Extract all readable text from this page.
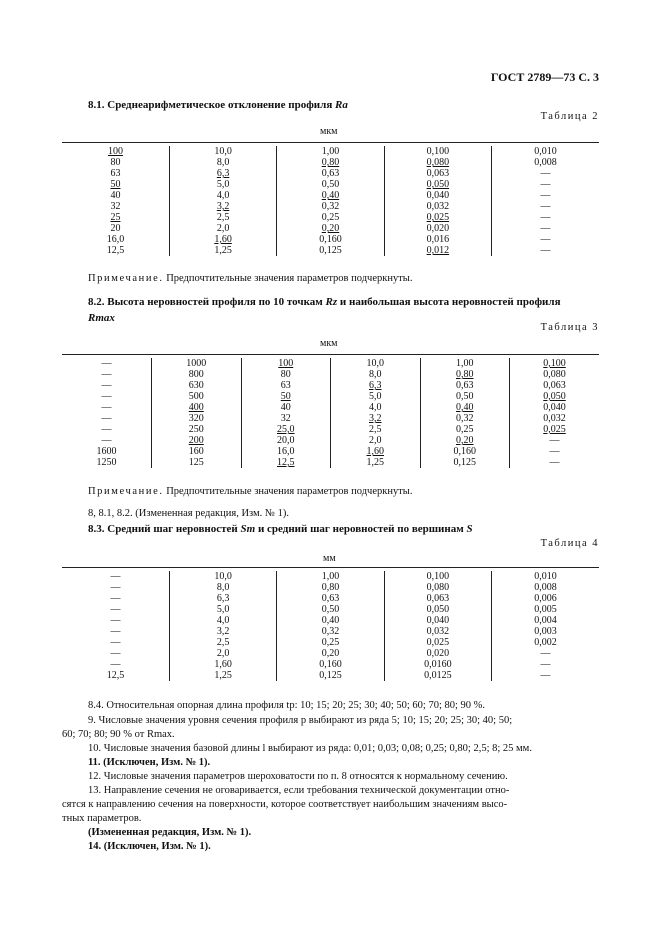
ГОСТ 2789—73 С. 3
8.1. Среднеарифметическое отклонение профиля Ra
Таблица 2
мкм
100	10,0	1,00	0,100	0,010
80	8,0	0,80	0,080	0,008
63	6,3	0,63	0,063	—
50	5,0	0,50	0,050	—
40	4,0	0,40	0,040	—
32	3,2	0,32	0,032	—
25	2,5	0,25	0,025	—
20	2,0	0,20	0,020	—
16,0	1,60	0,160	0,016	—
12,5	1,25	0,125	0,012	—
Примечание. Предпочтительные значения параметров подчеркнуты.
8.2. Высота неровностей профиля по 10 точкам Rz и наибольшая высота неровностей профиля
Rmax
Таблица 3
мкм
—	1000	100	10,0	1,00	0,100
—	800	80	8,0	0,80	0,080
—	630	63	6,3	0,63	0,063
—	500	50	5,0	0,50	0,050
—	400	40	4,0	0,40	0,040
—	320	32	3,2	0,32	0,032
—	250	25,0	2,5	0,25	0,025
—	200	20,0	2,0	0,20	—
1600	160	16,0	1,60	0,160	—
1250	125	12,5	1,25	0,125	—
Примечание. Предпочтительные значения параметров подчеркнуты.
8, 8.1, 8.2. (Измененная редакция, Изм. № 1).
8.3. Средний шаг неровностей Sm и средний шаг неровностей по вершинам S
Таблица 4
мм
—	10,0	1,00	0,100	0,010
—	8,0	0,80	0,080	0,008
—	6,3	0,63	0,063	0,006
—	5,0	0,50	0,050	0,005
—	4,0	0,40	0,040	0,004
—	3,2	0,32	0,032	0,003
—	2,5	0,25	0,025	0,002
—	2,0	0,20	0,020	—
—	1,60	0,160	0,0160	—
12,5	1,25	0,125	0,0125	—
8.4. Относительная опорная длина профиля tp: 10; 15; 20; 25; 30; 40; 50; 60; 70; 80; 90 %.
9. Числовые значения уровня сечения профиля p выбирают из ряда 5; 10; 15; 20; 25; 30; 40; 50;
60; 70; 80; 90 % от Rmax.
10. Числовые значения базовой длины l выбирают из ряда: 0,01; 0,03; 0,08; 0,25; 0,80; 2,5; 8; 25 мм.
11. (Исключен, Изм. № 1).
12. Числовые значения параметров шероховатости по п. 8 относятся к нормальному сечению.
13. Направление сечения не оговаривается, если требования технической документации отно-
сятся к направлению сечения на поверхности, которое соответствует наибольшим значениям высо-
тных параметров.
(Измененная редакция, Изм. № 1).
14. (Исключен, Изм. № 1).
